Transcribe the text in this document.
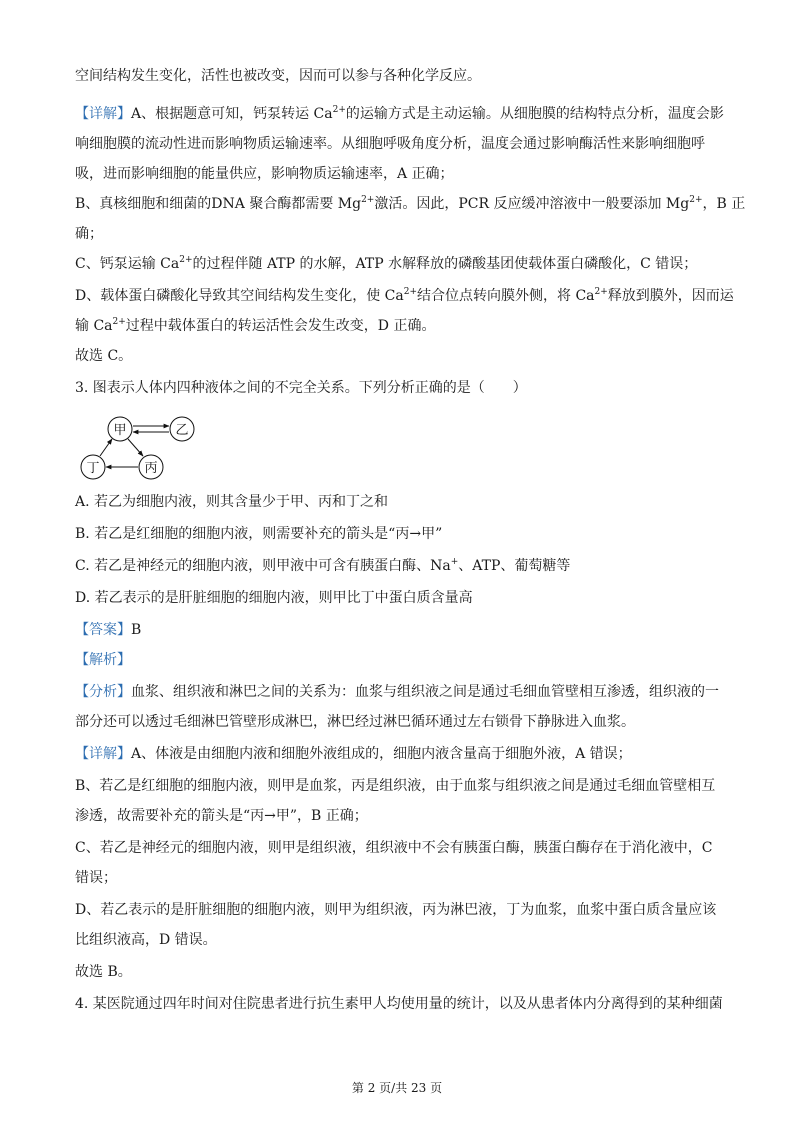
空间结构发生变化，活性也被改变，因而可以参与各种化学反应。
【详解】A、根据题意可知，钙泵转运 $Ca^{2+}$的运输方式是主动运输。从细胞膜的结构特点分析，温度会影
响细胞膜的流动性进而影响物质运输速率。从细胞呼吸角度分析，温度会通过影响酶活性来影响细胞呼
吸，进而影响细胞的能量供应，影响物质运输速率，A 正确；
B、真核细胞和细菌的DNA 聚合酶都需要 $Mg^{2+}$激活。因此，PCR 反应缓冲溶液中一般要添加 $Mg^{2+}$，B 正
确；
C、钙泵运输 $Ca^{2+}$的过程伴随 ATP 的水解，ATP 水解释放的磷酸基团使载体蛋白磷酸化，C 错误；
D、载体蛋白磷酸化导致其空间结构发生变化，使 $Ca^{2+}$结合位点转向膜外侧，将 $Ca^{2+}$释放到膜外，因而运
输 $Ca^{2+}$过程中载体蛋白的转运活性会发生改变，D 正确。
故选 C。
3. 图表示人体内四种液体之间的不完全关系。下列分析正确的是（　　）
甲	乙
丁	丙
A. 若乙为细胞内液，则其含量少于甲、丙和丁之和
B. 若乙是红细胞的细胞内液，则需要补充的箭头是“丙→甲”
C. 若乙是神经元的细胞内液，则甲液中可含有胰蛋白酶、Na+、ATP、葡萄糖等
D. 若乙表示的是肝脏细胞的细胞内液，则甲比丁中蛋白质含量高
【答案】B
【解析】
【分析】血浆、组织液和淋巴之间的关系为：血浆与组织液之间是通过毛细血管壁相互渗透，组织液的一
部分还可以透过毛细淋巴管壁形成淋巴，淋巴经过淋巴循环通过左右锁骨下静脉进入血浆。
【详解】A、体液是由细胞内液和细胞外液组成的，细胞内液含量高于细胞外液，A 错误；
B、若乙是红细胞的细胞内液，则甲是血浆，丙是组织液，由于血浆与组织液之间是通过毛细血管壁相互
渗透，故需要补充的箭头是“丙→甲”，B 正确；
C、若乙是神经元的细胞内液，则甲是组织液，组织液中不会有胰蛋白酶，胰蛋白酶存在于消化液中，C
错误；
D、若乙表示的是肝脏细胞的细胞内液，则甲为组织液，丙为淋巴液，丁为血浆，血浆中蛋白质含量应该
比组织液高，D 错误。
故选 B。
4. 某医院通过四年时间对住院患者进行抗生素甲人均使用量的统计，以及从患者体内分离得到的某种细菌
第 2 页/共 23 页
